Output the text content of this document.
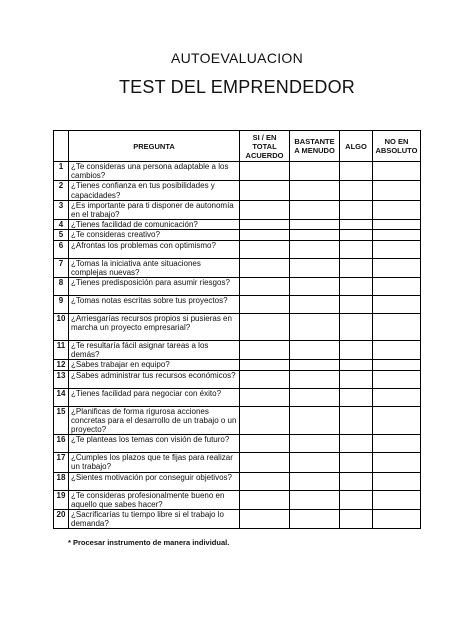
AUTOEVALUACION
TEST DEL EMPRENDEDOR
	PREGUNTA	SI / EN TOTAL ACUERDO	BASTANTE A MENUDO	ALGO	NO EN ABSOLUTO
1	¿Te consideras una persona adaptable a los cambios?				
2	¿Tienes confianza en tus posibilidades y capacidades?				
3	¿Es importante para ti disponer de autonomía en el trabajo?				
4	¿Tienes facilidad de comunicación?				
5	¿Te consideras creativo?				
6	¿Afrontas los problemas con optimismo?				
7	¿Tomas la iniciativa ante situaciones complejas nuevas?				
8	¿Tienes predisposición para asumir riesgos?				
9	¿Tomas notas escritas sobre tus proyectos?				
10	¿Arriesgarías recursos propios si pusieras en marcha un proyecto empresarial?				
11	¿Te resultaría fácil asignar tareas a los demás?				
12	¿Sabes trabajar en equipo?				
13	¿Sabes administrar tus recursos económicos?				
14	¿Tienes facilidad para negociar con éxito?				
15	¿Planificas de forma rigurosa acciones concretas para el desarrollo de un trabajo o un proyecto?				
16	¿Te planteas los temas con visión de futuro?				
17	¿Cumples los plazos que te fijas para realizar un trabajo?				
18	¿Sientes motivación por conseguir objetivos?				
19	¿Te consideras profesionalmente bueno en aquello que sabes hacer?				
20	¿Sacrificarías tu tiempo libre si el trabajo lo demanda?				
* Procesar instrumento de manera individual.
